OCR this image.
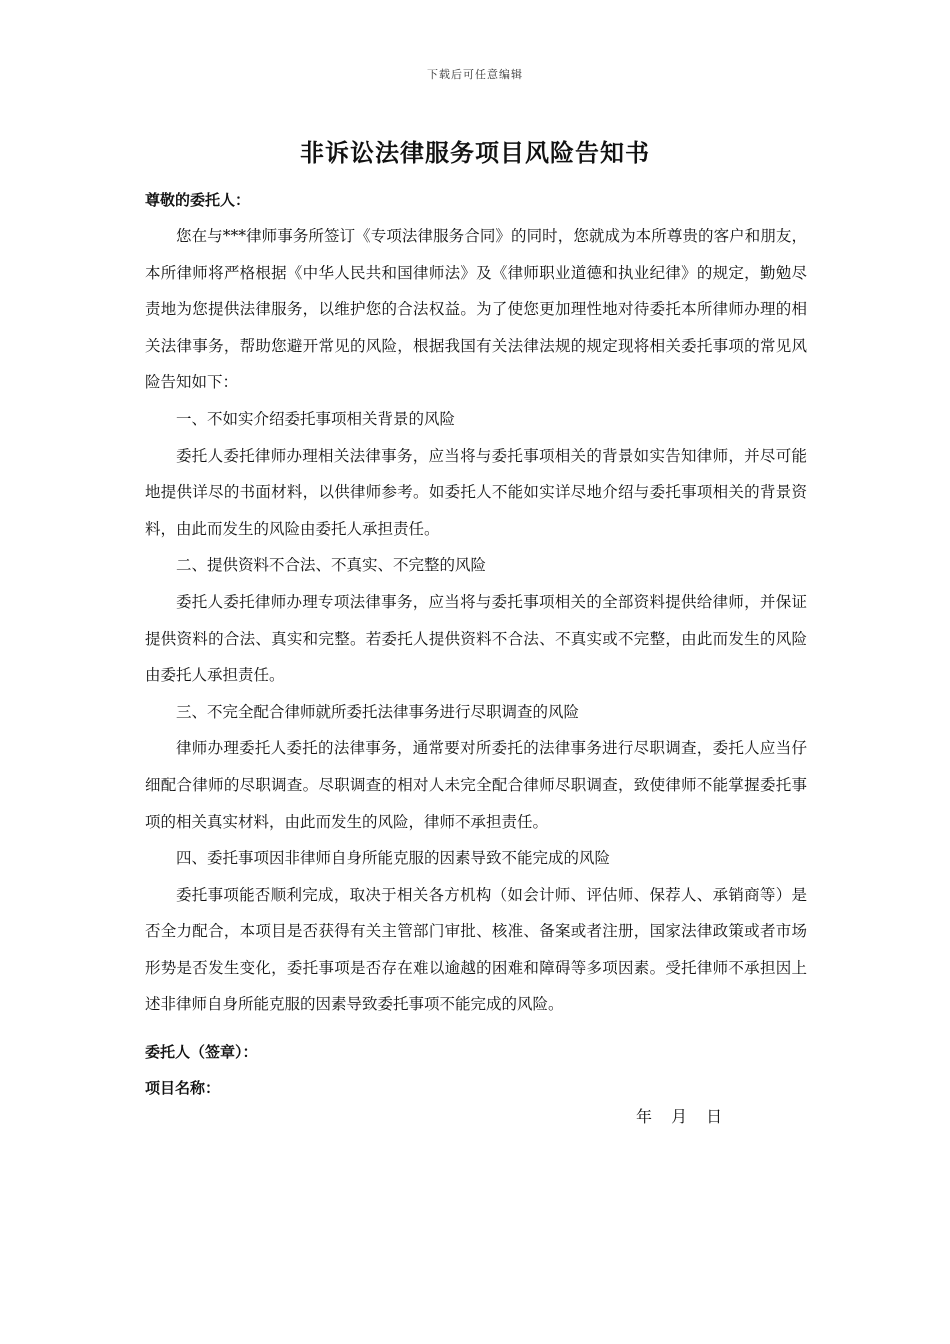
下载后可任意编辑
非诉讼法律服务项目风险告知书

尊敬的委托人：

您在与***律师事务所签订《专项法律服务合同》的同时，您就成为本所尊贵的客户和朋友，本所律师将严格根据《中华人民共和国律师法》及《律师职业道德和执业纪律》的规定，勤勉尽责地为您提供法律服务，以维护您的合法权益。为了使您更加理性地对待委托本所律师办理的相关法律事务，帮助您避开常见的风险，根据我国有关法律法规的规定现将相关委托事项的常见风险告知如下：

一、不如实介绍委托事项相关背景的风险

委托人委托律师办理相关法律事务，应当将与委托事项相关的背景如实告知律师，并尽可能地提供详尽的书面材料，以供律师参考。如委托人不能如实详尽地介绍与委托事项相关的背景资料，由此而发生的风险由委托人承担责任。

二、提供资料不合法、不真实、不完整的风险

委托人委托律师办理专项法律事务，应当将与委托事项相关的全部资料提供给律师，并保证提供资料的合法、真实和完整。若委托人提供资料不合法、不真实或不完整，由此而发生的风险由委托人承担责任。

三、不完全配合律师就所委托法律事务进行尽职调查的风险

律师办理委托人委托的法律事务，通常要对所委托的法律事务进行尽职调查，委托人应当仔细配合律师的尽职调查。尽职调查的相对人未完全配合律师尽职调查，致使律师不能掌握委托事项的相关真实材料，由此而发生的风险，律师不承担责任。

四、委托事项因非律师自身所能克服的因素导致不能完成的风险

委托事项能否顺利完成，取决于相关各方机构（如会计师、评估师、保荐人、承销商等）是否全力配合，本项目是否获得有关主管部门审批、核准、备案或者注册，国家法律政策或者市场形势是否发生变化，委托事项是否存在难以逾越的困难和障碍等多项因素。受托律师不承担因上述非律师自身所能克服的因素导致委托事项不能完成的风险。

委托人（签章）：

项目名称：

年 月 日
